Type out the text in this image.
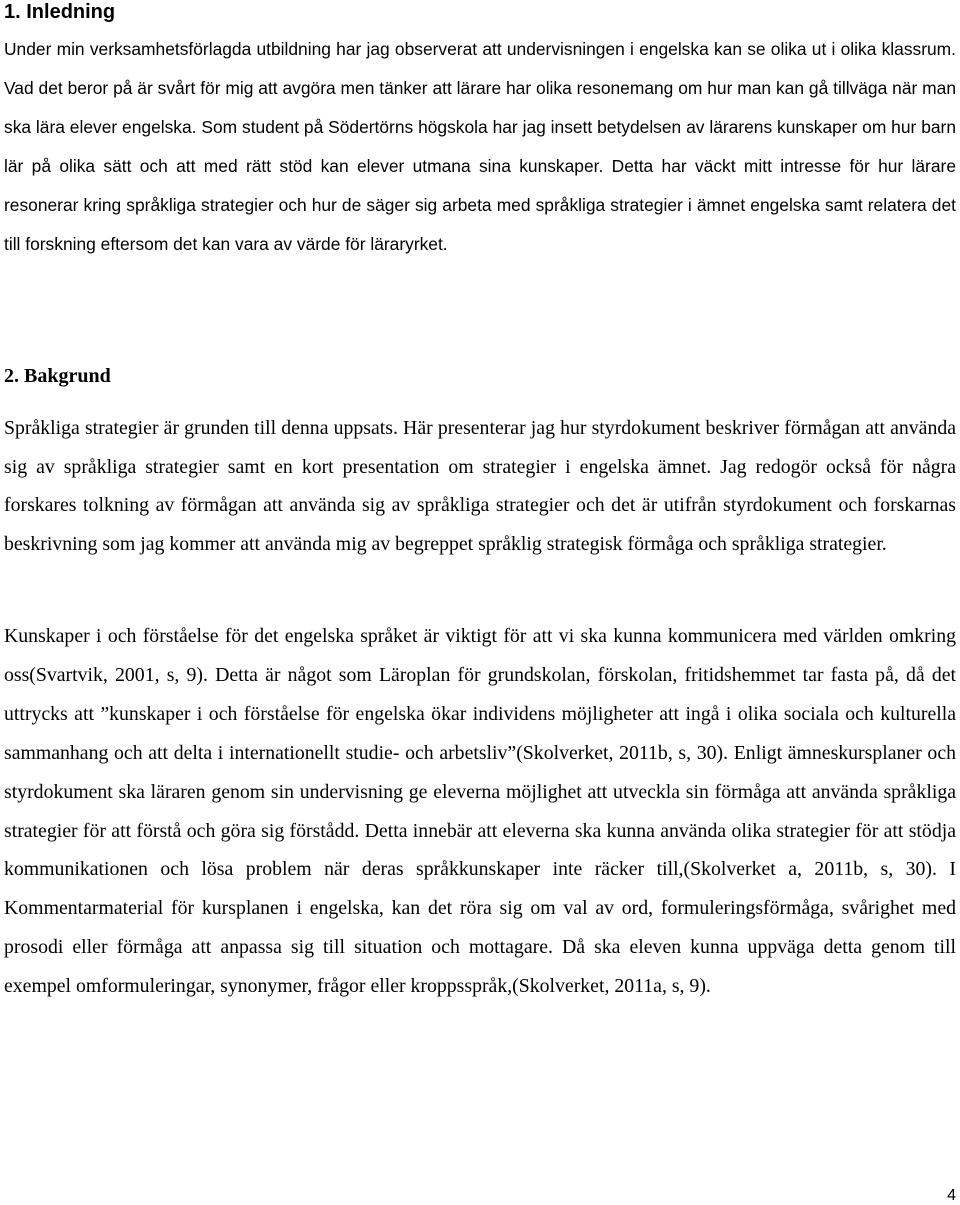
1. Inledning

Under min verksamhetsförlagda utbildning har jag observerat att undervisningen i engelska kan se olika ut i olika klassrum. Vad det beror på är svårt för mig att avgöra men tänker att lärare har olika resonemang om hur man kan gå tillväga när man ska lära elever engelska. Som student på Södertörns högskola har jag insett betydelsen av lärarens kunskaper om hur barn lär på olika sätt och att med rätt stöd kan elever utmana sina kunskaper. Detta har väckt mitt intresse för hur lärare resonerar kring språkliga strategier och hur de säger sig arbeta med språkliga strategier i ämnet engelska samt relatera det till forskning eftersom det kan vara av värde för läraryrket.

2. Bakgrund

Språkliga strategier är grunden till denna uppsats. Här presenterar jag hur styrdokument beskriver förmågan att använda sig av språkliga strategier samt en kort presentation om strategier i engelska ämnet. Jag redogör också för några forskares tolkning av förmågan att använda sig av språkliga strategier och det är utifrån styrdokument och forskarnas beskrivning som jag kommer att använda mig av begreppet språklig strategisk förmåga och språkliga strategier.

Kunskaper i och förståelse för det engelska språket är viktigt för att vi ska kunna kommunicera med världen omkring oss(Svartvik, 2001, s, 9). Detta är något som Läroplan för grundskolan, förskolan, fritidshemmet tar fasta på, då det uttrycks att ”kunskaper i och förståelse för engelska ökar individens möjligheter att ingå i olika sociala och kulturella sammanhang och att delta i internationellt studie- och arbetsliv”(Skolverket, 2011b, s, 30). Enligt ämneskursplaner och styrdokument ska läraren genom sin undervisning ge eleverna möjlighet att utveckla sin förmåga att använda språkliga strategier för att förstå och göra sig förstådd. Detta innebär att eleverna ska kunna använda olika strategier för att stödja kommunikationen och lösa problem när deras språkkunskaper inte räcker till,(Skolverket a, 2011b, s, 30). I Kommentarmaterial för kursplanen i engelska, kan det röra sig om val av ord, formuleringsförmåga, svårighet med prosodi eller förmåga att anpassa sig till situation och mottagare. Då ska eleven kunna uppväga detta genom till exempel omformuleringar, synonymer, frågor eller kroppsspråk,(Skolverket, 2011a, s, 9).

4
